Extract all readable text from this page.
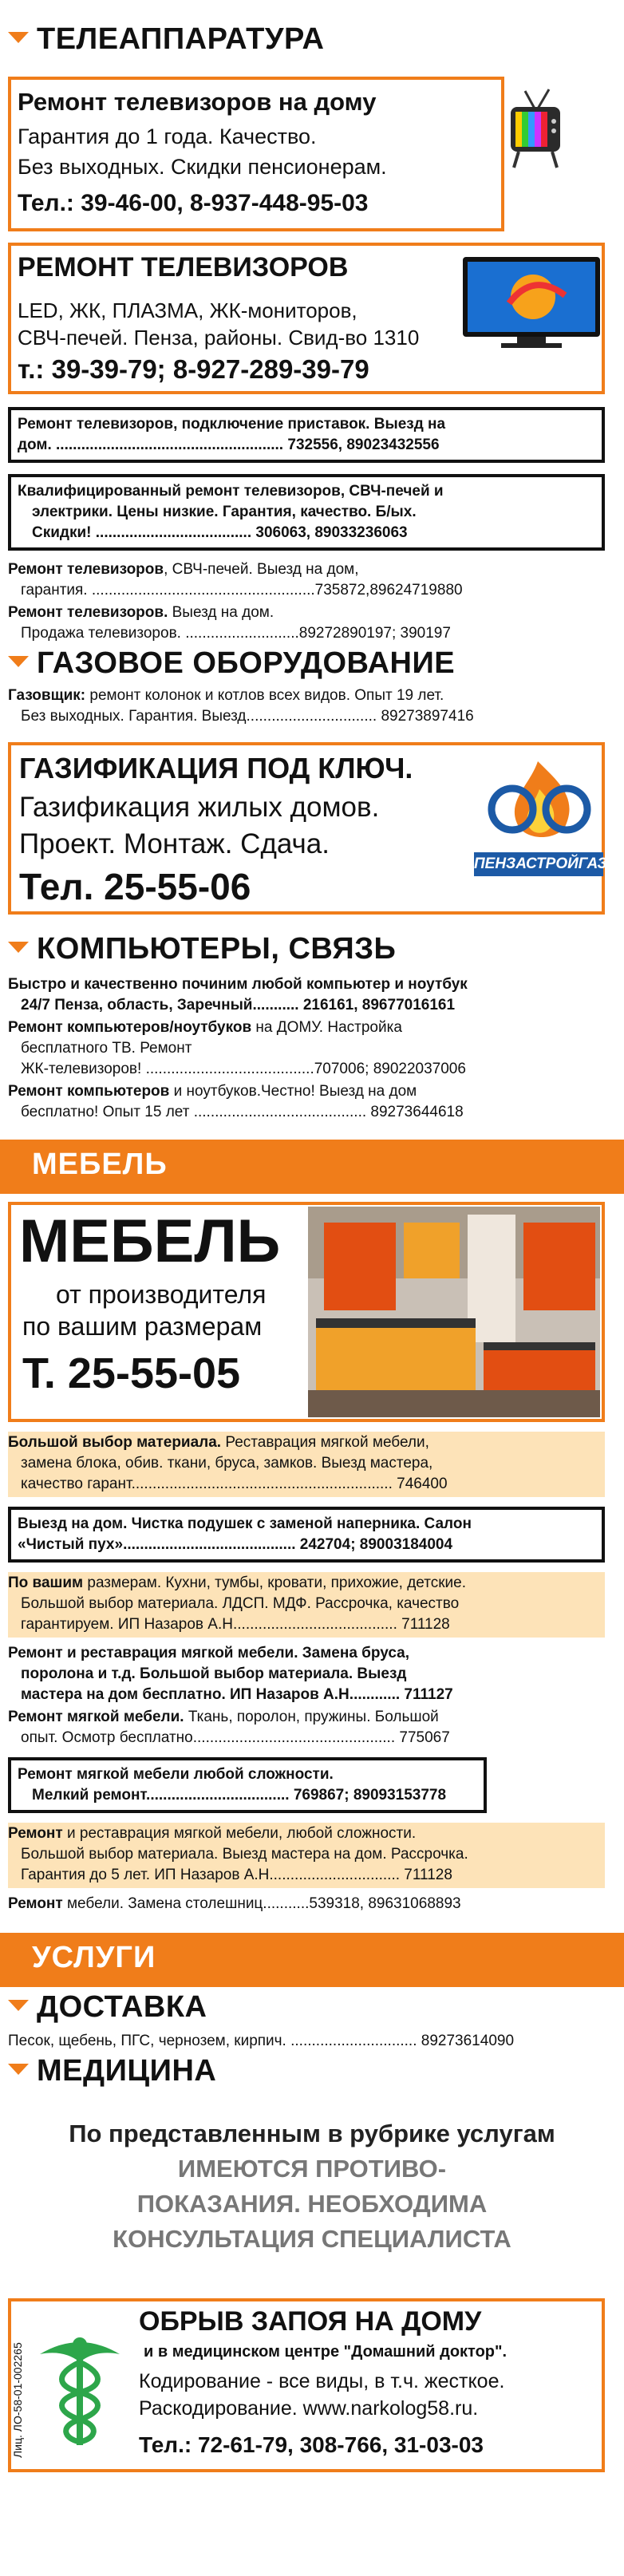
ТЕЛЕАППАРАТУРА
Ремонт телевизоров на дому
Гарантия до 1 года. Качество.
Без выходных. Скидки пенсионерам.
Тел.: 39-46-00, 8-937-448-95-03
РЕМОНТ ТЕЛЕВИЗОРОВ
LED, ЖК, ПЛАЗМА, ЖК-мониторов,
СВЧ-печей. Пенза, районы. Свид-во 1310
т.: 39-39-79; 8-927-289-39-79
Ремонт телевизоров, подключение приставок. Выезд на
дом. ...................................................... 732556, 89023432556
Квалифицированный ремонт телевизоров, СВЧ-печей и
электрики. Цены низкие. Гарантия, качество. Б/ых.
Скидки! ..................................... 306063, 89033236063
Ремонт телевизоров, СВЧ-печей. Выезд на дом,
гарантия. .....................................................735872,89624719880
Ремонт телевизоров. Выезд на дом.
Продажа телевизоров. ...........................89272890197; 390197
ГАЗОВОЕ ОБОРУДОВАНИЕ
Газовщик: ремонт колонок и котлов всех видов. Опыт 19 лет.
Без выходных. Гарантия. Выезд............................... 89273897416
ГАЗИФИКАЦИЯ ПОД КЛЮЧ.
Газификация жилых домов.
Проект. Монтаж. Сдача.
Тел. 25-55-06
ПЕНЗАСТРОЙГАЗ
КОМПЬЮТЕРЫ, СВЯЗЬ
Быстро и качественно починим любой компьютер и ноутбук
24/7 Пенза, область, Заречный........... 216161, 89677016161
Ремонт компьютеров/ноутбуков на ДОМУ. Настройка
бесплатного ТВ. Ремонт
ЖК-телевизоров! ........................................707006; 89022037006
Ремонт компьютеров и ноутбуков.Честно! Выезд на дом
бесплатно! Опыт 15 лет ......................................... 89273644618
МЕБЕЛЬ
МЕБЕЛЬ
от производителя
по вашим размерам
Т. 25-55-05
Большой выбор материала. Реставрация мягкой мебели,
замена блока, обив. ткани, бруса, замков. Выезд мастера,
качество гарант.............................................................. 746400
Выезд на дом. Чистка подушек с заменой наперника. Салон
«Чистый пух»......................................... 242704; 89003184004
По вашим размерам. Кухни, тумбы, кровати, прихожие, детские.
Большой выбор материала. ЛДСП. МДФ. Рассрочка, качество
гарантируем. ИП Назаров А.Н....................................... 711128
Ремонт и реставрация мягкой мебели. Замена бруса,
поролона и т.д. Большой выбор материала. Выезд
мастера на дом бесплатно. ИП Назаров А.Н............ 711127
Ремонт мягкой мебели. Ткань, поролон, пружины. Большой
опыт. Осмотр бесплатно................................................ 775067
Ремонт мягкой мебели любой сложности.
Мелкий ремонт.................................. 769867; 89093153778
Ремонт и реставрация мягкой мебели, любой сложности.
Большой выбор материала. Выезд мастера на дом. Рассрочка.
Гарантия до 5 лет. ИП Назаров А.Н............................... 711128
Ремонт мебели. Замена столешниц...........539318, 89631068893
УСЛУГИ
ДОСТАВКА
Песок, щебень, ПГС, чернозем, кирпич. .............................. 89273614090
МЕДИЦИНА
По представленным в рубрике услугам
ИМЕЮТСЯ ПРОТИВО-
ПОКАЗАНИЯ. НЕОБХОДИМА
КОНСУЛЬТАЦИЯ СПЕЦИАЛИСТА
Лиц. ЛО-58-01-002265
ОБРЫВ ЗАПОЯ НА ДОМУ
и в медицинском центре "Домашний доктор".
Кодирование - все виды, в т.ч. жесткое.
Раскодирование. www.narkolog58.ru.
Тел.: 72-61-79, 308-766, 31-03-03
